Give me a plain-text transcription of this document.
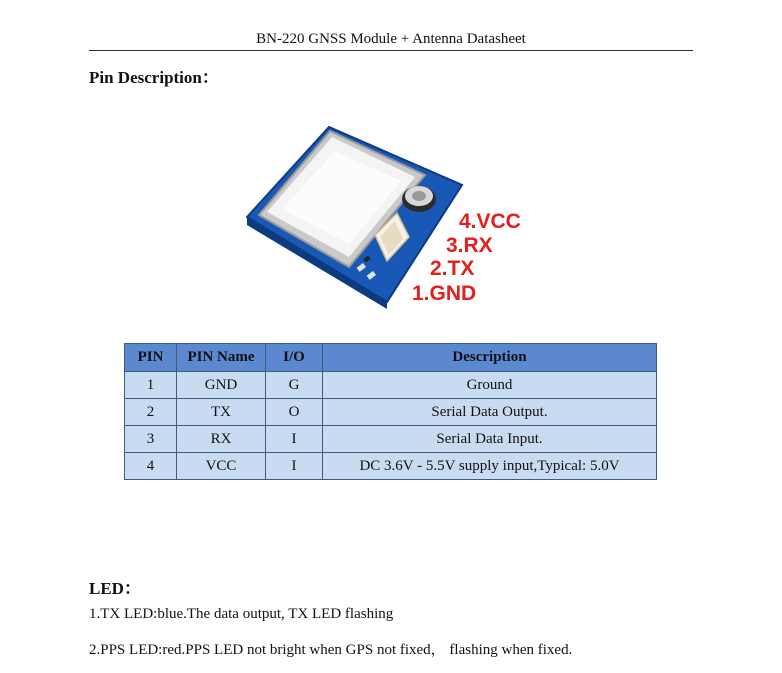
BN-220 GNSS Module + Antenna Datasheet
Pin Description：
4.VCC
3.RX
2.TX
1.GND
PIN	PIN Name	I/O	Description
1	GND	G	Ground
2	TX	O	Serial Data Output.
3	RX	I	Serial Data Input.
4	VCC	I	DC 3.6V - 5.5V supply input,Typical: 5.0V
LED：
1.TX LED:blue.The data output, TX LED flashing
2.PPS LED:red.PPS LED not bright when GPS not fixed， flashing when fixed.
